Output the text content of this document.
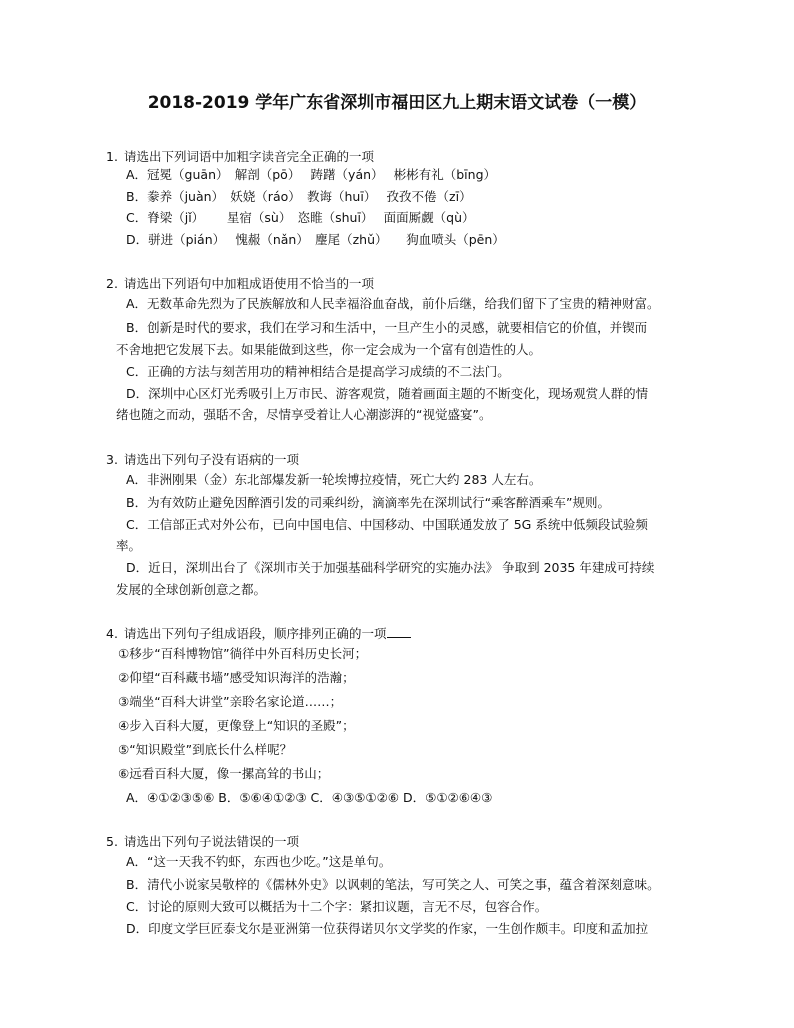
2018-2019 学年广东省深圳市福田区九上期末语文试卷（一模）
1. 请选出下列词语中加粗字读音完全正确的一项
A．冠冕（guān）　解剖（pō）　 踌躇（yán）　 彬彬有礼（bīng）
B．豢养（juàn）　妖娆（ráo）　教诲（huī）　 孜孜不倦（zī）
C．脊梁（jǐ）　　 星宿（sù）　恣睢（shuī）　 面面厮觑（qù）
D．骈进（pián）　 愧赧（nǎn）　麈尾（zhǔ）　　狗血喷头（pēn）
2. 请选出下列语句中加粗成语使用不恰当的一项
A．无数革命先烈为了民族解放和人民幸福浴血奋战，前仆后继，给我们留下了宝贵的精神财富。
B．创新是时代的要求，我们在学习和生活中，一旦产生小的灵感，就要相信它的价值，并锲而
不舍地把它发展下去。如果能做到这些，你一定会成为一个富有创造性的人。
C．正确的方法与刻苦用功的精神相结合是提高学习成绩的不二法门。
D．深圳中心区灯光秀吸引上万市民、游客观赏，随着画面主题的不断变化，现场观赏人群的情
绪也随之而动，强聒不舍，尽情享受着让人心潮澎湃的“视觉盛宴”。
3. 请选出下列句子没有语病的一项
A．非洲刚果（金）东北部爆发新一轮埃博拉疫情，死亡大约 283 人左右。
B．为有效防止避免因醉酒引发的司乘纠纷，滴滴率先在深圳试行“乘客醉酒乘车”规则。
C．工信部正式对外公布，已向中国电信、中国移动、中国联通发放了 5G 系统中低频段试验频
率。
D．近日，深圳出台了《深圳市关于加强基础科学研究的实施办法》 争取到 2035 年建成可持续
发展的全球创新创意之都。
4. 请选出下列句子组成语段，顺序排列正确的一项
①移步“百科博物馆”徜徉中外百科历史长河；
②仰望“百科藏书墙”感受知识海洋的浩瀚；
③端坐“百科大讲堂”亲聆名家论道……；
④步入百科大厦，更像登上“知识的圣殿”；
⑤“知识殿堂”到底长什么样呢？
⑥远看百科大厦，像一摞高耸的书山；
A．④①②③⑤⑥ B．⑤⑥④①②③ C．④③⑤①②⑥ D．⑤①②⑥④③
5. 请选出下列句子说法错误的一项
A．“这一天我不钓虾，东西也少吃。”这是单句。
B．清代小说家吴敬梓的《儒林外史》以讽刺的笔法，写可笑之人、可笑之事，蕴含着深刻意味。
C．讨论的原则大致可以概括为十二个字：紧扣议题，言无不尽，包容合作。
D．印度文学巨匠泰戈尔是亚洲第一位获得诺贝尔文学奖的作家，一生创作颇丰。印度和孟加拉
